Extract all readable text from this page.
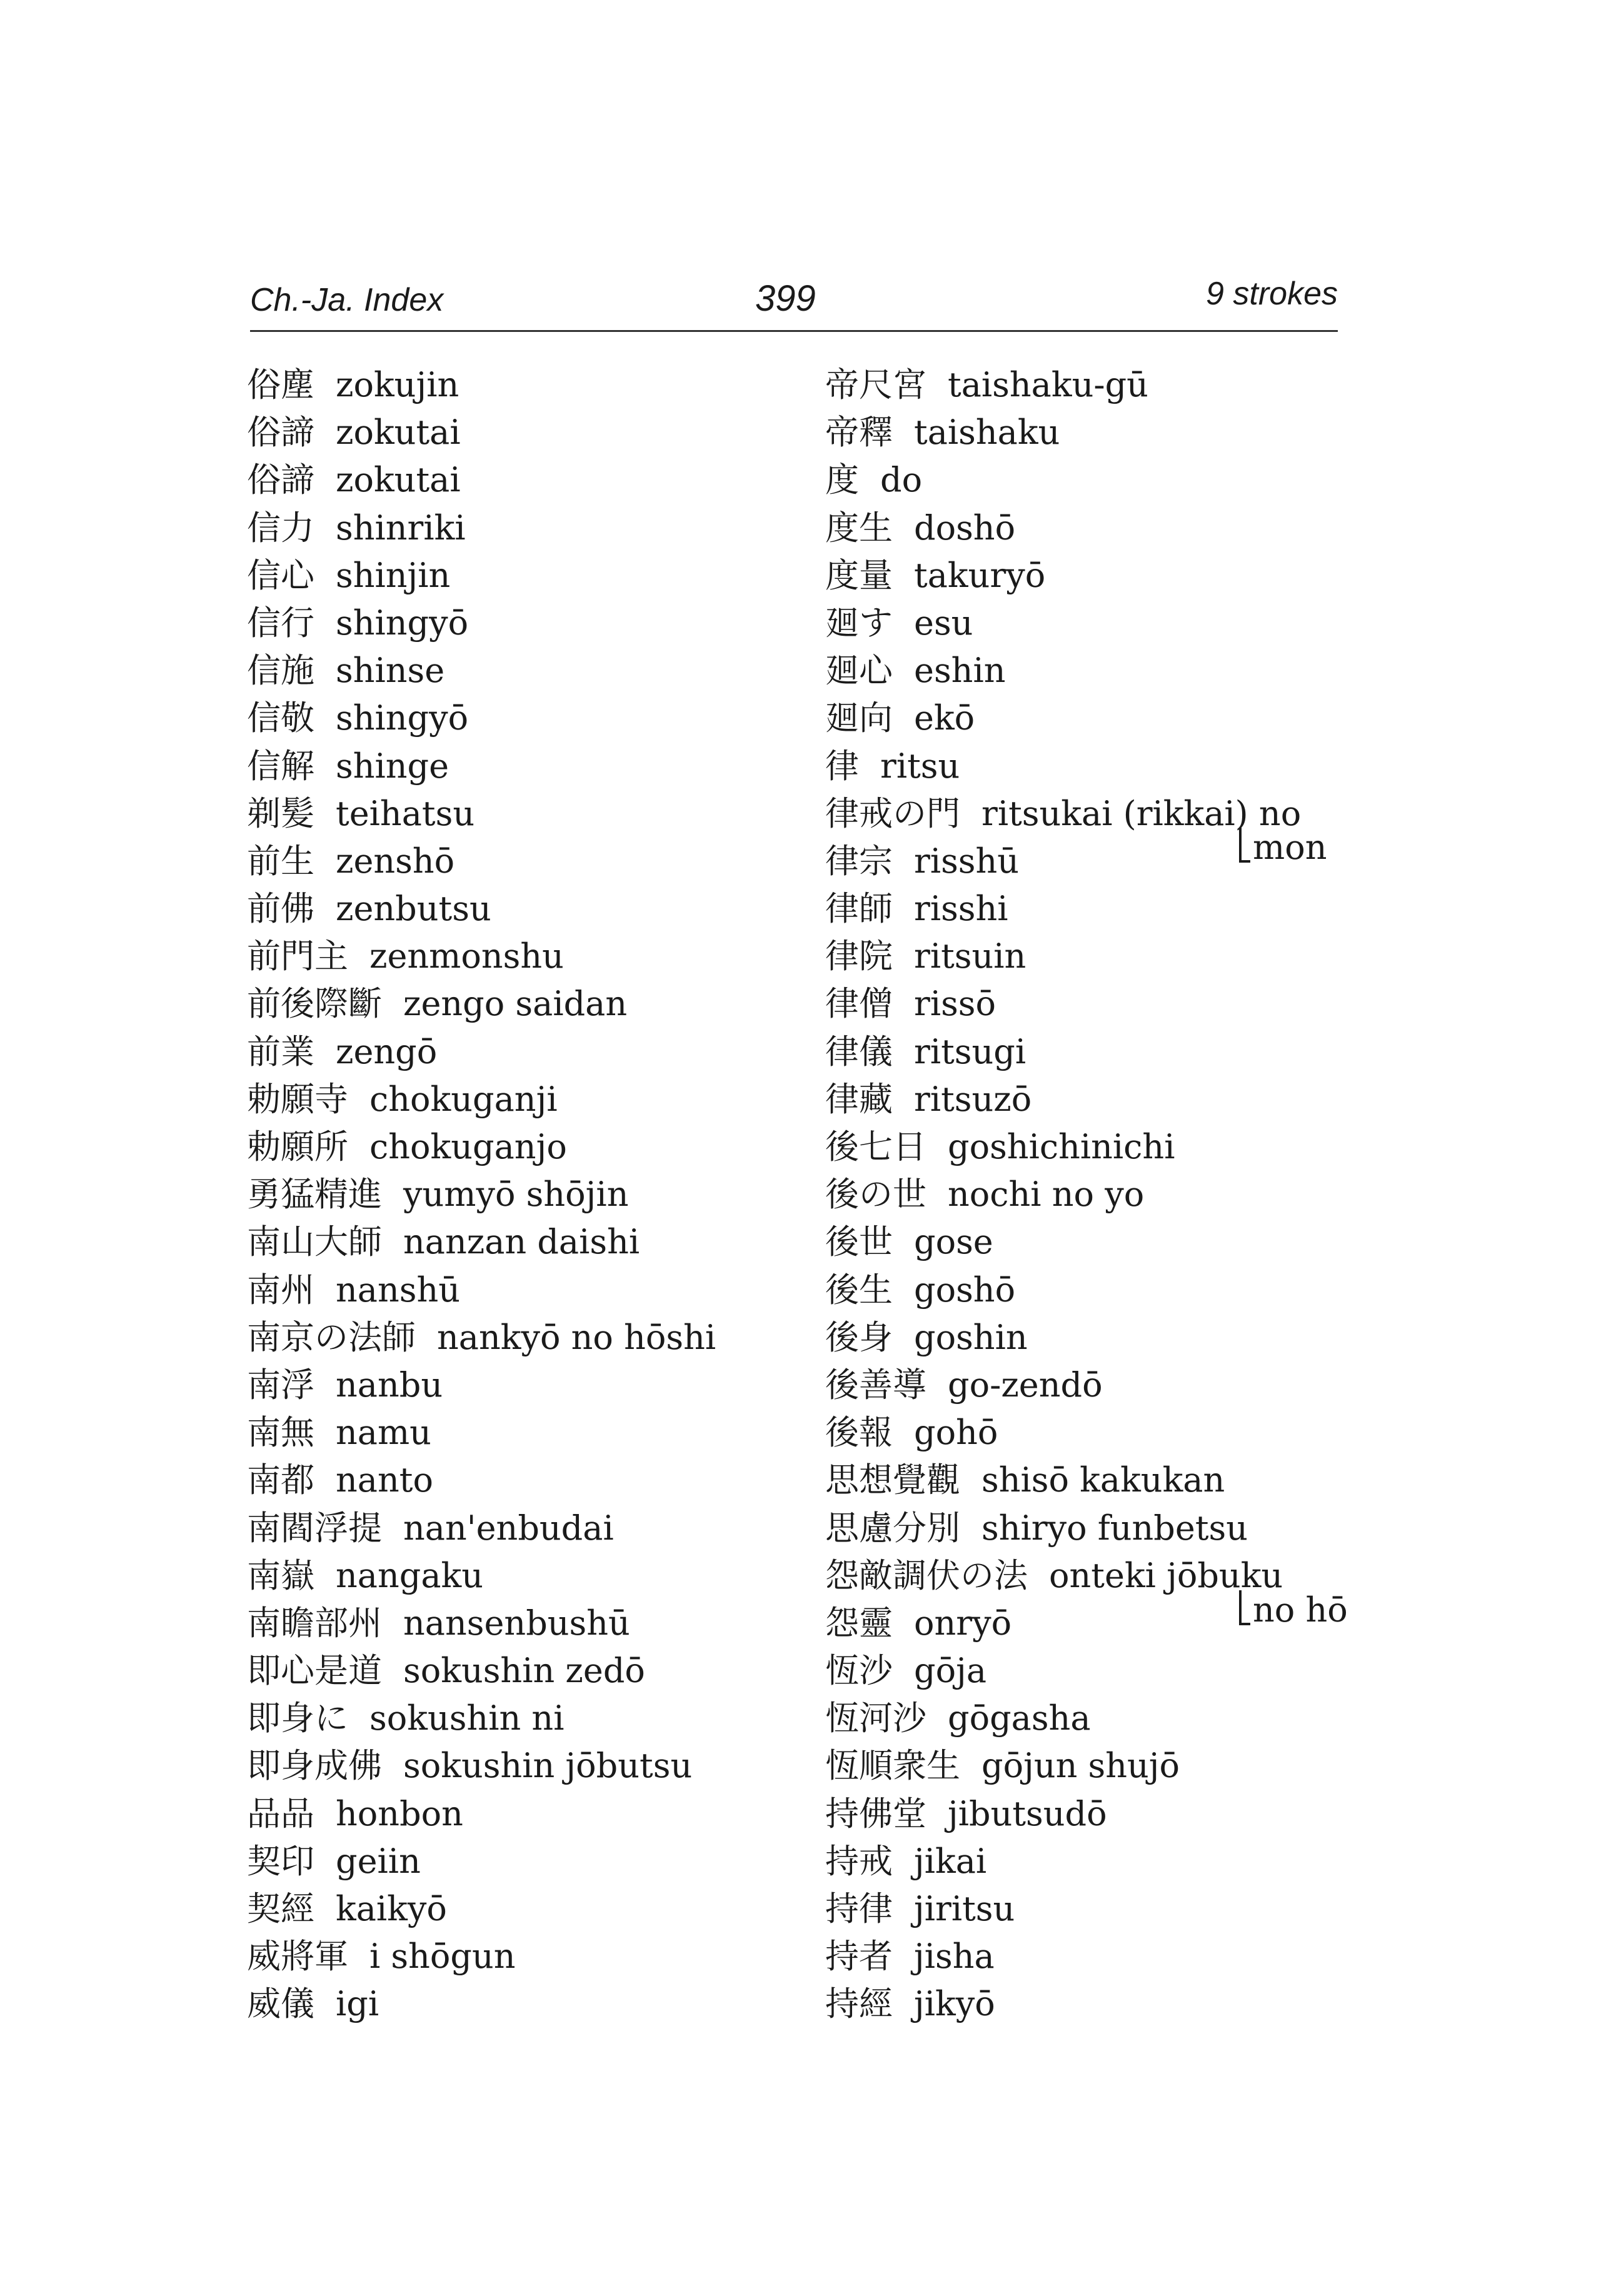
Ch.-Ja. Index	399	9 strokes
俗塵 zokujin
俗諦 zokutai
俗諦 zokutai
信力 shinriki
信心 shinjin
信行 shingyō
信施 shinse
信敬 shingyō
信解 shinge
剃髪 teihatsu
前生 zenshō
前佛 zenbutsu
前門主 zenmonshu
前後際斷 zengo saidan
前業 zengō
勅願寺 chokuganji
勅願所 chokuganjo
勇猛精進 yumyō shōjin
南山大師 nanzan daishi
南州 nanshū
南京の法師 nankyō no hōshi
南浮 nanbu
南無 namu
南都 nanto
南閻浮提 nan'enbudai
南嶽 nangaku
南瞻部州 nansenbushū
即心是道 sokushin zedō
即身に sokushin ni
即身成佛 sokushin jōbutsu
品品 honbon
契印 geiin
契經 kaikyō
威將軍 i shōgun
威儀 igi
帝尺宮 taishaku-gū
帝釋 taishaku
度 do
度生 doshō
度量 takuryō
廻す esu
廻心 eshin
廻向 ekō
律 ritsu
律戒の門 ritsukai (rikkai) no
律宗 risshū
律師 risshi
律院 ritsuin
律僧 rissō
律儀 ritsugi
律藏 ritsuzō
後七日 goshichinichi
後の世 nochi no yo
後世 gose
後生 goshō
後身 goshin
後善導 go-zendō
後報 gohō
思想覺觀 shisō kakukan
思慮分別 shiryo funbetsu
怨敵調伏の法 onteki jōbuku
怨靈 onryō
恆沙 gōja
恆河沙 gōgasha
恆順衆生 gōjun shujō
持佛堂 jibutsudō
持戒 jikai
持律 jiritsu
持者 jisha
持經 jikyō
mon
no hō
